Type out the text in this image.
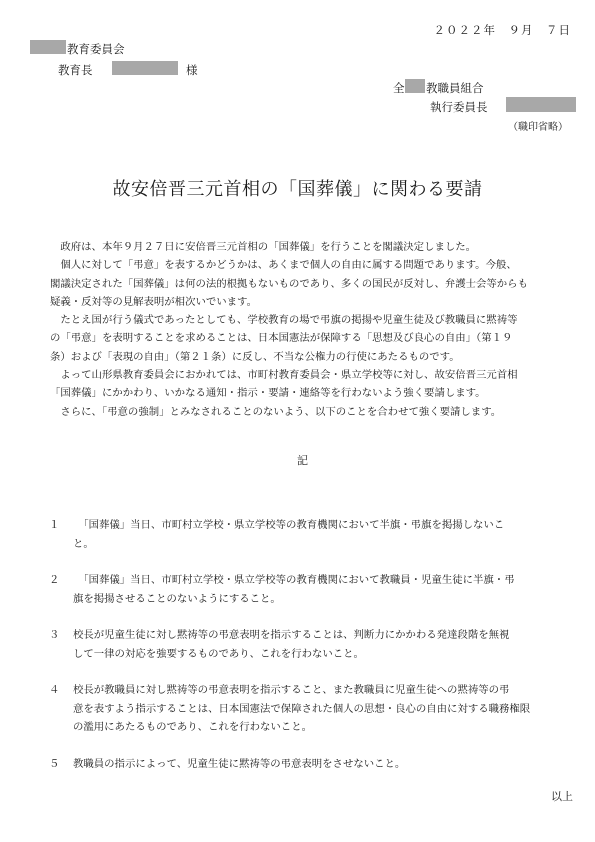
２０２２年　９月　７日
教育委員会
教育長	様
全 教職員組合
執行委員長
（職印省略）
故安倍晋三元首相の「国葬儀」に関わる要請

　政府は、本年９月２７日に安倍晋三元首相の「国葬儀」を行うことを閣議決定しました。

　個人に対して「弔意」を表するかどうかは、あくまで個人の自由に属する問題であります。今般、

閣議決定された「国葬儀」は何の法的根拠もないものであり、多くの国民が反対し、弁護士会等からも

疑義・反対等の見解表明が相次いでいます。

　たとえ国が行う儀式であったとしても、学校教育の場で弔旗の掲揚や児童生徒及び教職員に黙祷等

の「弔意」を表明することを求めることは、日本国憲法が保障する「思想及び良心の自由」（第１９

条）および「表現の自由」（第２１条）に反し、不当な公権力の行使にあたるものです。

　よって山形県教育委員会におかれては、市町村教育委員会・県立学校等に対し、故安倍晋三元首相

「国葬儀」にかかわり、いかなる通知・指示・要請・連絡等を行わないよう強く要請します。

　さらに、「弔意の強制」とみなされることのないよう、以下のことを合わせて強く要請します。

記
１ 　「国葬儀」当日、市町村立学校・県立学校等の教育機関において半旗・弔旗を掲揚しないこ

と。

２ 　「国葬儀」当日、市町村立学校・県立学校等の教育機関において教職員・児童生徒に半旗・弔

旗を掲揚させることのないようにすること。

３ 校長が児童生徒に対し黙祷等の弔意表明を指示することは、判断力にかかわる発達段階を無視

して一律の対応を強要するものであり、これを行わないこと。

４ 校長が教職員に対し黙祷等の弔意表明を指示すること、また教職員に児童生徒への黙祷等の弔

意を表すよう指示することは、日本国憲法で保障された個人の思想・良心の自由に対する職務権限

の濫用にあたるものであり、これを行わないこと。

５ 教職員の指示によって、児童生徒に黙祷等の弔意表明をさせないこと。

以上
